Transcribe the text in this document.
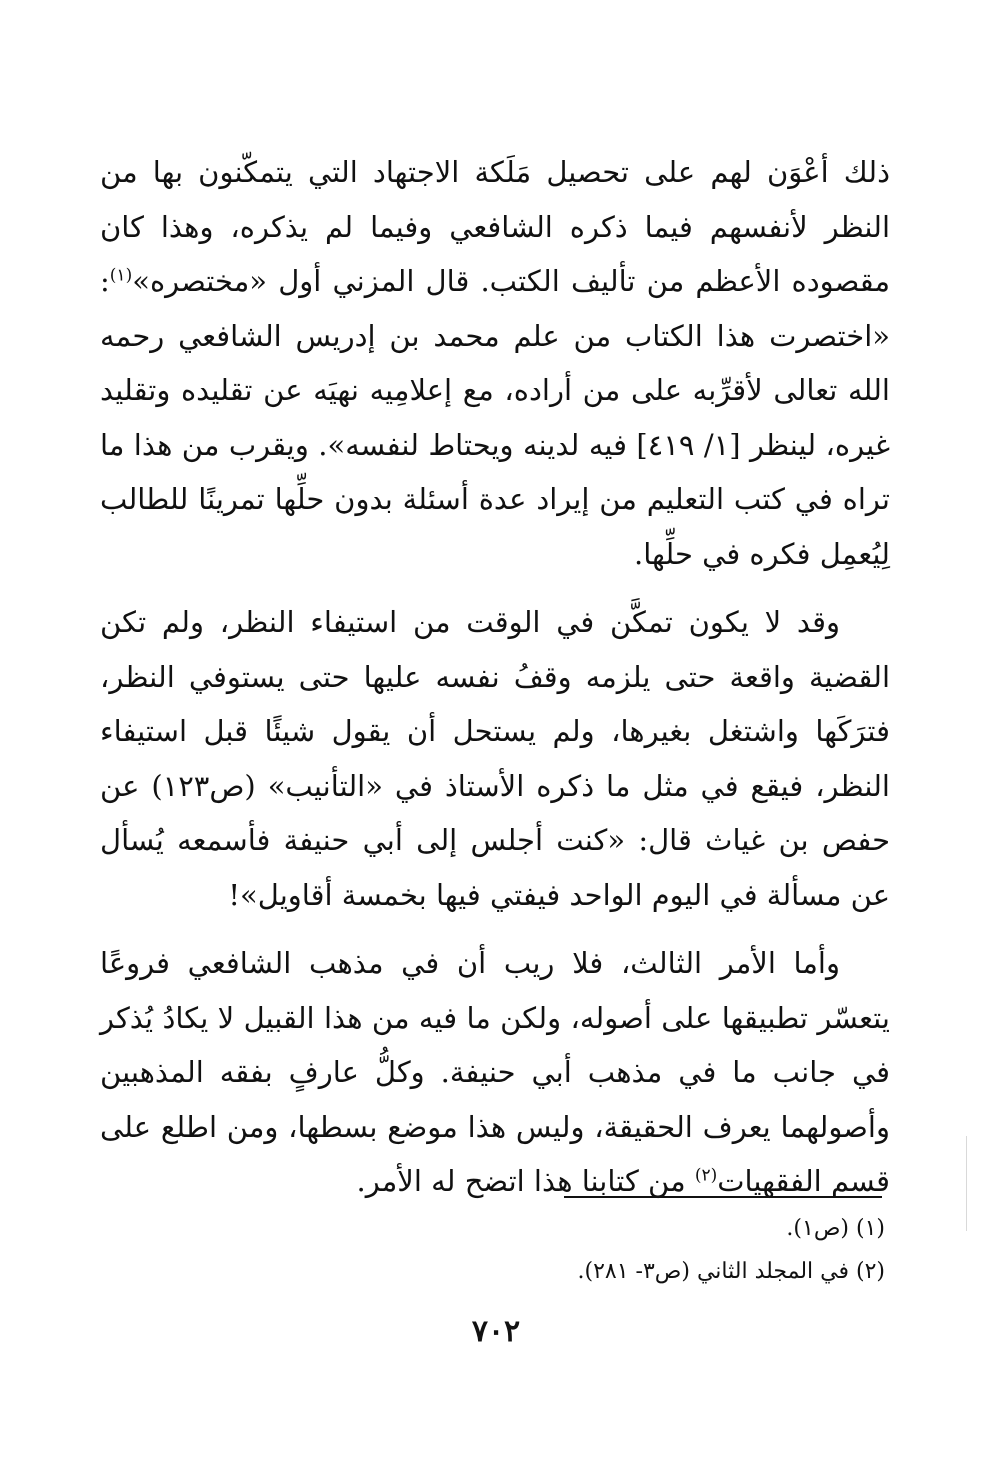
ذلك أعْوَن لهم على تحصيل مَلَكة الاجتهاد التي يتمكّنون بها من النظر لأنفسهم فيما ذكره الشافعي وفيما لم يذكره، وهذا كان مقصوده الأعظم من تأليف الكتب. قال المزني أول «مختصره»$^{(١)}$: «اختصرت هذا الكتاب من علم محمد بن إدريس الشافعي رحمه الله تعالى لأقرِّبه على من أراده، مع إعلامِيه نهيَه عن تقليده وتقليد غيره، لينظر [١/ ٤١٩] فيه لدينه ويحتاط لنفسه». ويقرب من هذا ما تراه في كتب التعليم من إيراد عدة أسئلة بدون حلِّها تمرينًا للطالب لِيُعمِل فكره في حلِّها.

وقد لا يكون تمكَّن في الوقت من استيفاء النظر، ولم تكن القضية واقعة حتى يلزمه وقفُ نفسه عليها حتى يستوفي النظر، فترَكَها واشتغل بغيرها، ولم يستحل أن يقول شيئًا قبل استيفاء النظر، فيقع في مثل ما ذكره الأستاذ في «التأنيب» (ص١٢٣) عن حفص بن غياث قال: «كنت أجلس إلى أبي حنيفة فأسمعه يُسأل عن مسألة في اليوم الواحد فيفتي فيها بخمسة أقاويل»!

وأما الأمر الثالث، فلا ريب أن في مذهب الشافعي فروعًا يتعسّر تطبيقها على أصوله، ولكن ما فيه من هذا القبيل لا يكادُ يُذكر في جانب ما في مذهب أبي حنيفة. وكلُّ عارفٍ بفقه المذهبين وأصولهما يعرف الحقيقة، وليس هذا موضع بسطها، ومن اطلع على قسم الفقهيات$^{(٢)}$ من كتابنا هذا اتضح له الأمر.

(١) (ص١).

(٢) في المجلد الثاني (ص٣- ٢٨١).

٧٠٢
